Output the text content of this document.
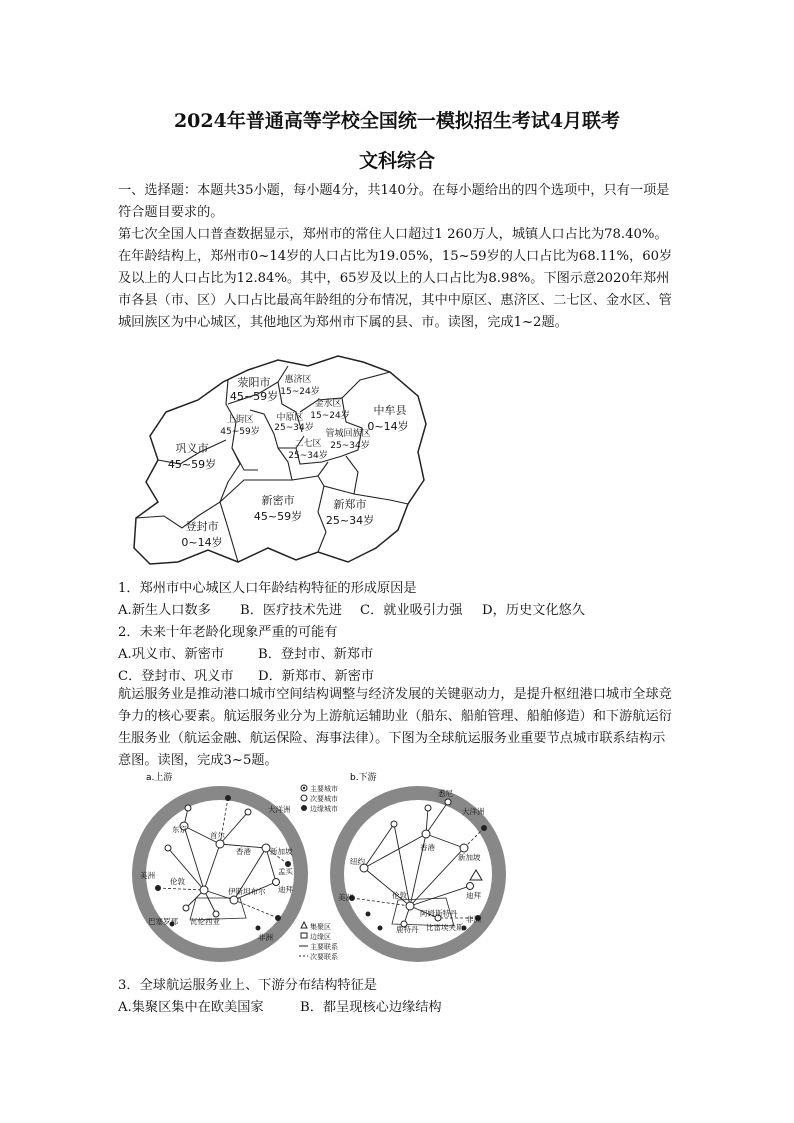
2024年普通高等学校全国统一模拟招生考试4月联考
文科综合
一、选择题：本题共35小题，每小题4分，共140分。在每小题给出的四个选项中，只有一项是符合题目要求的。
第七次全国人口普查数据显示，郑州市的常住人口超过1 260万人，城镇人口占比为78.40%。在年龄结构上，郑州市0~14岁的人口占比为19.05%，15~59岁的人口占比为68.11%，60岁及以上的人口占比为12.84%。其中，65岁及以上的人口占比为8.98%。下图示意2020年郑州市各县（市、区）人口占比最高年龄组的分布情况，其中中原区、惠济区、二七区、金水区、管城回族区为中心城区，其他地区为郑州市下属的县、市。读图，完成1~2题。
荥阳市
45~59岁
惠济区
15~24岁
金水区
15~24岁 中牟县
0~14岁
上街区
45~59岁
中原区
25~34岁
管城回族区
25~34岁
二七区
25~34岁
巩义市
45~59岁
新密市
45~59岁
新郑市
25~34岁
登封市
0~14岁
1．郑州市中心城区人口年龄结构特征的形成原因是
A.新生人口数多 B．医疗技术先进 C．就业吸引力强 D，历史文化悠久
2．未来十年老龄化现象严重的可能有
A.巩义市、新密市	B．登封市、新郑市
C．登封市、巩义市 D．新郑市、新密市
航运服务业是推动港口城市空间结构调整与经济发展的关键驱动力，是提升枢纽港口城市全球竞争力的核心要素。航运服务业分为上游航运辅助业（船东、船舶管理、船舶修造）和下游航运衍生服务业（航运金融、航运保险、海事法律）。下图为全球航运服务业重要节点城市联系结构示意图。读图，完成3~5题。
a.上游	b.下游
大洋洲
东京
首尔
香港	新加坡
孟买
迪拜
伦敦
伊斯坦布尔
瓦伦西亚
巴塞罗那
美洲
非洲
主要城市
次要城市
边缘城市
集聚区
边缘区
主要联系
次要联系
大洋洲
悉尼
香港
新加坡
纽约
迪拜
伦敦
阿姆斯特丹
鹿特丹 比雷埃夫斯
美洲
非洲
3．全球航运服务业上、下游分布结构特征是
A.集聚区集中在欧美国家	B．都呈现核心边缘结构
